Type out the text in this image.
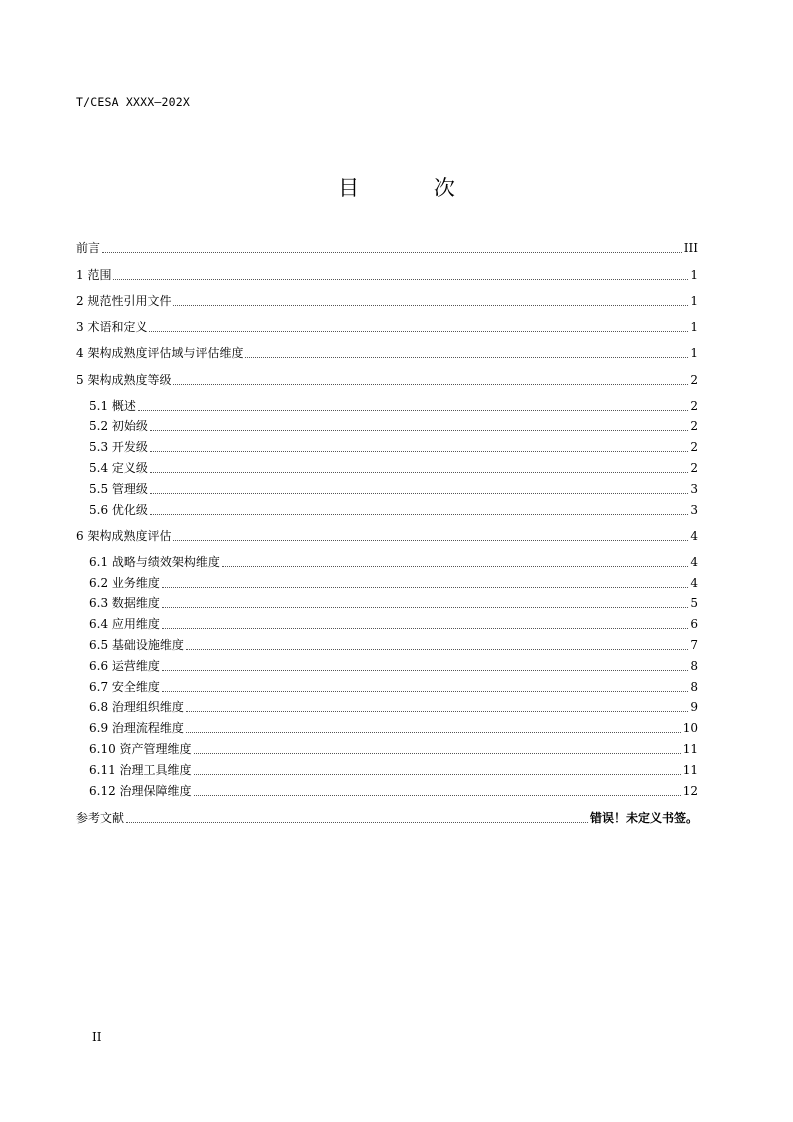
T/CESA XXXX—202X
目 次
前言	III
1 范围	1
2 规范性引用文件	1
3 术语和定义	1
4 架构成熟度评估域与评估维度	1
5 架构成熟度等级	2
5.1 概述	2
5.2 初始级	2
5.3 开发级	2
5.4 定义级	2
5.5 管理级	3
5.6 优化级	3
6 架构成熟度评估	4
6.1 战略与绩效架构维度	4
6.2 业务维度	4
6.3 数据维度	5
6.4 应用维度	6
6.5 基础设施维度	7
6.6 运营维度	8
6.7 安全维度	8
6.8 治理组织维度	9
6.9 治理流程维度	10
6.10 资产管理维度	11
6.11 治理工具维度	11
6.12 治理保障维度	12
参考文献	错误！未定义书签。
II
